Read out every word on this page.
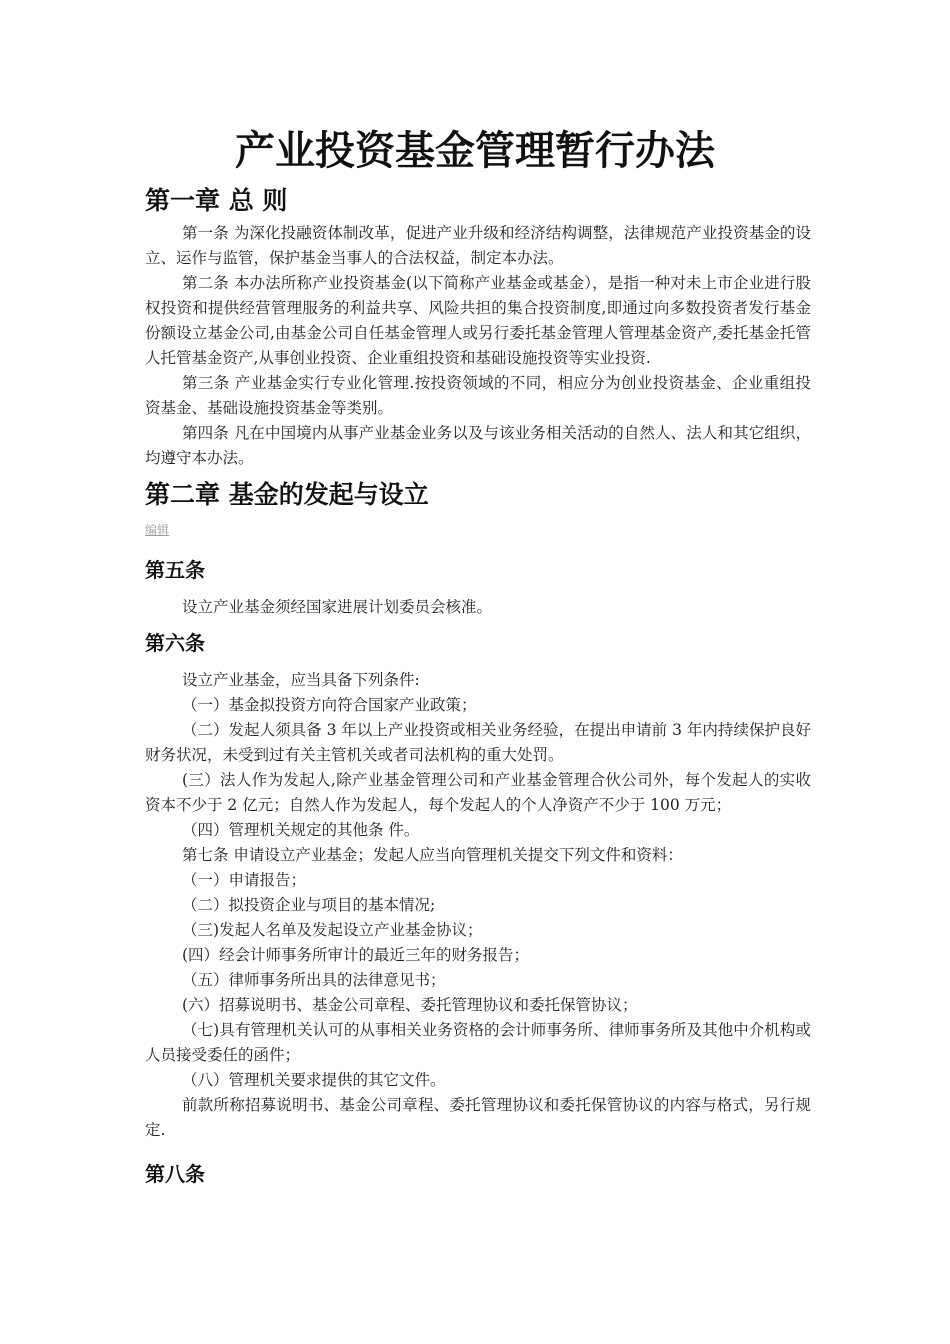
产业投资基金管理暂行办法
第一章 总 则

第一条 为深化投融资体制改革，促进产业升级和经济结构调整，法律规范产业投资基金的设立、运作与监管，保护基金当事人的合法权益，制定本办法。

第二条 本办法所称产业投资基金(以下简称产业基金或基金），是指一种对未上市企业进行股权投资和提供经营管理服务的利益共享、风险共担的集合投资制度,即通过向多数投资者发行基金份额设立基金公司,由基金公司自任基金管理人或另行委托基金管理人管理基金资产,委托基金托管人托管基金资产,从事创业投资、企业重组投资和基础设施投资等实业投资.

第三条 产业基金实行专业化管理.按投资领域的不同，相应分为创业投资基金、企业重组投资基金、基础设施投资基金等类别。

第四条 凡在中国境内从事产业基金业务以及与该业务相关活动的自然人、法人和其它组织，均遵守本办法。

第二章 基金的发起与设立
编辑
第五条

设立产业基金须经国家进展计划委员会核准。

第六条

设立产业基金，应当具备下列条件:

（一）基金拟投资方向符合国家产业政策；

（二）发起人须具备 3 年以上产业投资或相关业务经验，在提出申请前 3 年内持续保护良好财务状况，未受到过有关主管机关或者司法机构的重大处罚。

(三）法人作为发起人,除产业基金管理公司和产业基金管理合伙公司外，每个发起人的实收资本不少于 2 亿元；自然人作为发起人，每个发起人的个人净资产不少于 100 万元；

（四）管理机关规定的其他条 件。

第七条 申请设立产业基金；发起人应当向管理机关提交下列文件和资料：

（一）申请报告；

（二）拟投资企业与项目的基本情况;

（三)发起人名单及发起设立产业基金协议；

(四）经会计师事务所审计的最近三年的财务报告；

（五）律师事务所出具的法律意见书；

(六）招募说明书、基金公司章程、委托管理协议和委托保管协议；

（七)具有管理机关认可的从事相关业务资格的会计师事务所、律师事务所及其他中介机构或人员接受委任的函件；

（八）管理机关要求提供的其它文件。

前款所称招募说明书、基金公司章程、委托管理协议和委托保管协议的内容与格式，另行规定.

第八条
